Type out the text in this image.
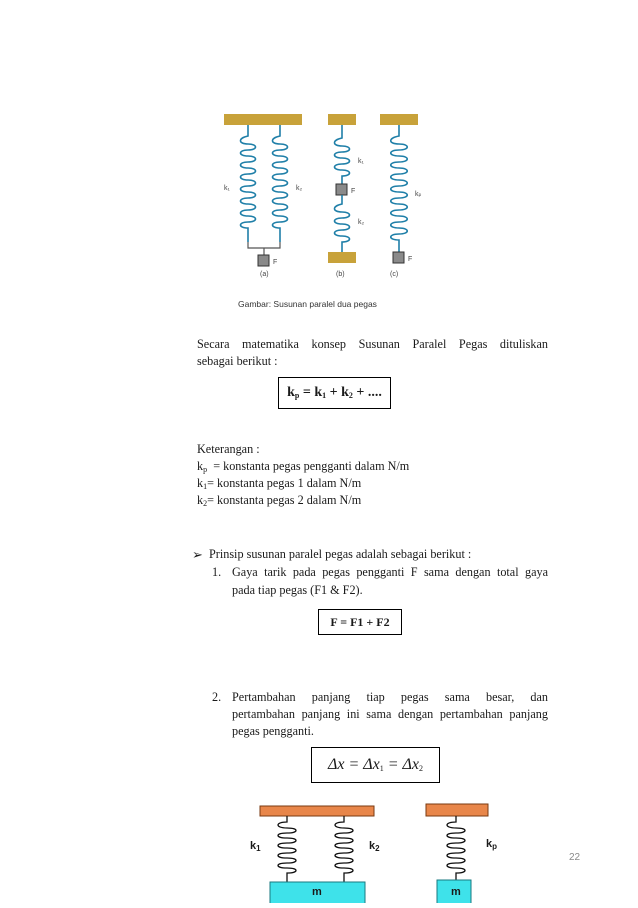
k₁	k₂
F
(a)
k₁
F
k₂
(b)
kₚ
F
(c)
Gambar: Susunan paralel dua pegas
Secara matematika konsep Susunan Paralel Pegas dituliskan
sebagai berikut :
$k_p = k_1 + k_2$ + ....
Keterangan :
$k_p$  = konstanta pegas pengganti dalam N/m
$k_1=$ konstanta pegas 1 dalam N/m
$k_2=$ konstanta pegas 2 dalam N/m
➢ Prinsip susunan paralel pegas adalah sebagai berikut :
1. Gaya tarik pada pegas pengganti F sama dengan total gaya
pada tiap pegas (F1 & F2).
F = F1 + F2
2. Pertambahan panjang tiap pegas sama besar, dan
pertambahan panjang ini sama dengan pertambahan panjang
pegas pengganti.
$\Delta x = \Delta x_1 = \Delta x_2$
$k_1$	$k_2$	$k_p$
m	m
22
